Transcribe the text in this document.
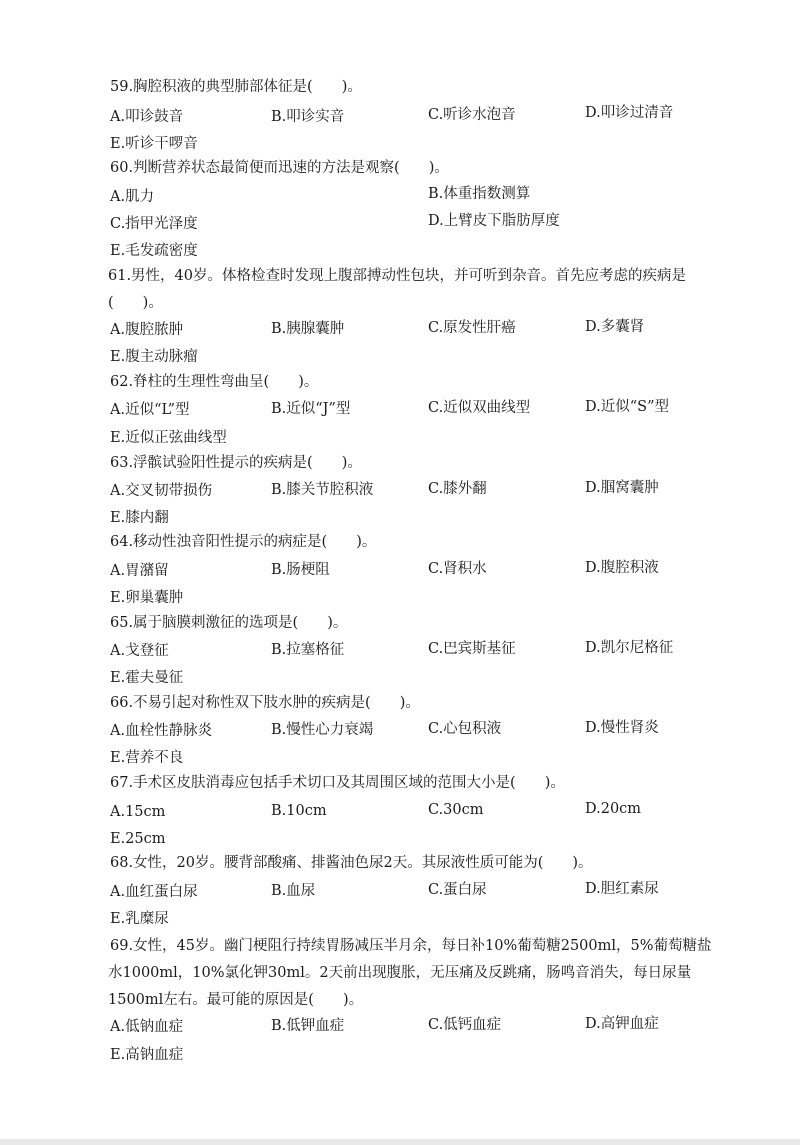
59.胸腔积液的典型肺部体征是(　　)。
A.叩诊鼓音	B.叩诊实音	C.听诊水泡音	D.叩诊过清音
E.听诊干啰音
60.判断营养状态最简便而迅速的方法是观察(　　)。
A.肌力	B.体重指数测算
C.指甲光泽度	D.上臂皮下脂肪厚度
E.毛发疏密度
61.男性，40岁。体格检查时发现上腹部搏动性包块，并可听到杂音。首先应考虑的疾病是(　　)。
A.腹腔脓肿	B.胰腺囊肿	C.原发性肝癌	D.多囊肾
E.腹主动脉瘤
62.脊柱的生理性弯曲呈(　　)。
A.近似“L”型	B.近似“J”型	C.近似双曲线型	D.近似“S”型
E.近似正弦曲线型
63.浮髌试验阳性提示的疾病是(　　)。
A.交叉韧带损伤	B.膝关节腔积液	C.膝外翻	D.腘窝囊肿
E.膝内翻
64.移动性浊音阳性提示的病症是(　　)。
A.胃潴留	B.肠梗阻	C.肾积水	D.腹腔积液
E.卵巢囊肿
65.属于脑膜刺激征的选项是(　　)。
A.戈登征	B.拉塞格征	C.巴宾斯基征	D.凯尔尼格征
E.霍夫曼征
66.不易引起对称性双下肢水肿的疾病是(　　)。
A.血栓性静脉炎	B.慢性心力衰竭	C.心包积液	D.慢性肾炎
E.营养不良
67.手术区皮肤消毒应包括手术切口及其周围区域的范围大小是(　　)。
A.15cm	B.10cm	C.30cm	D.20cm
E.25cm
68.女性，20岁。腰背部酸痛、排酱油色尿2天。其尿液性质可能为(　　)。
A.血红蛋白尿	B.血尿	C.蛋白尿	D.胆红素尿
E.乳糜尿
69.女性，45岁。幽门梗阻行持续胃肠减压半月余，每日补10%葡萄糖2500ml，5%葡萄糖盐水1000ml，10%氯化钾30ml。2天前出现腹胀，无压痛及反跳痛，肠鸣音消失，每日尿量1500ml左右。最可能的原因是(　　)。
A.低钠血症	B.低钾血症	C.低钙血症	D.高钾血症
E.高钠血症
